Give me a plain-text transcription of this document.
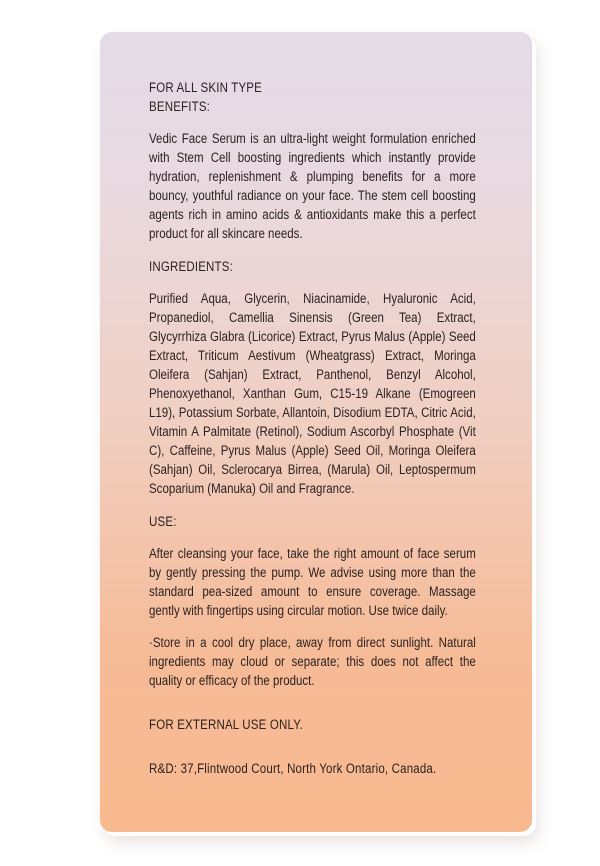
FOR ALL SKIN TYPE
BENEFITS:
Vedic Face Serum is an ultra-light weight formulation enriched with Stem Cell boosting ingredients which instantly provide hydration, replenishment & plumping benefits for a more bouncy, youthful radiance on your face. The stem cell boosting agents rich in amino acids & antioxidants make this a perfect product for all skincare needs.
INGREDIENTS:
Purified Aqua, Glycerin, Niacinamide, Hyaluronic Acid, Propanediol, Camellia Sinensis (Green Tea) Extract, Glycyrrhiza Glabra (Licorice) Extract, Pyrus Malus (Apple) Seed Extract, Triticum Aestivum (Wheatgrass) Extract, Moringa Oleifera (Sahjan) Extract, Panthenol, Benzyl Alcohol, Phenoxyethanol, Xanthan Gum, C15-19 Alkane (Emogreen L19), Potassium Sorbate, Allantoin, Disodium EDTA, Citric Acid, Vitamin A Palmitate (Retinol), Sodium Ascorbyl Phosphate (Vit C), Caffeine, Pyrus Malus (Apple) Seed Oil, Moringa Oleifera (Sahjan) Oil, Sclerocarya Birrea, (Marula) Oil, Leptospermum Scoparium (Manuka) Oil and Fragrance.
USE:
After cleansing your face, take the right amount of face serum by gently pressing the pump. We advise using more than the standard pea-sized amount to ensure coverage. Massage gently with fingertips using circular motion. Use twice daily.
·Store in a cool dry place, away from direct sunlight. Natural ingredients may cloud or separate; this does not affect the quality or efficacy of the product.
FOR EXTERNAL USE ONLY.
R&D: 37,Flintwood Court, North York Ontario, Canada.
